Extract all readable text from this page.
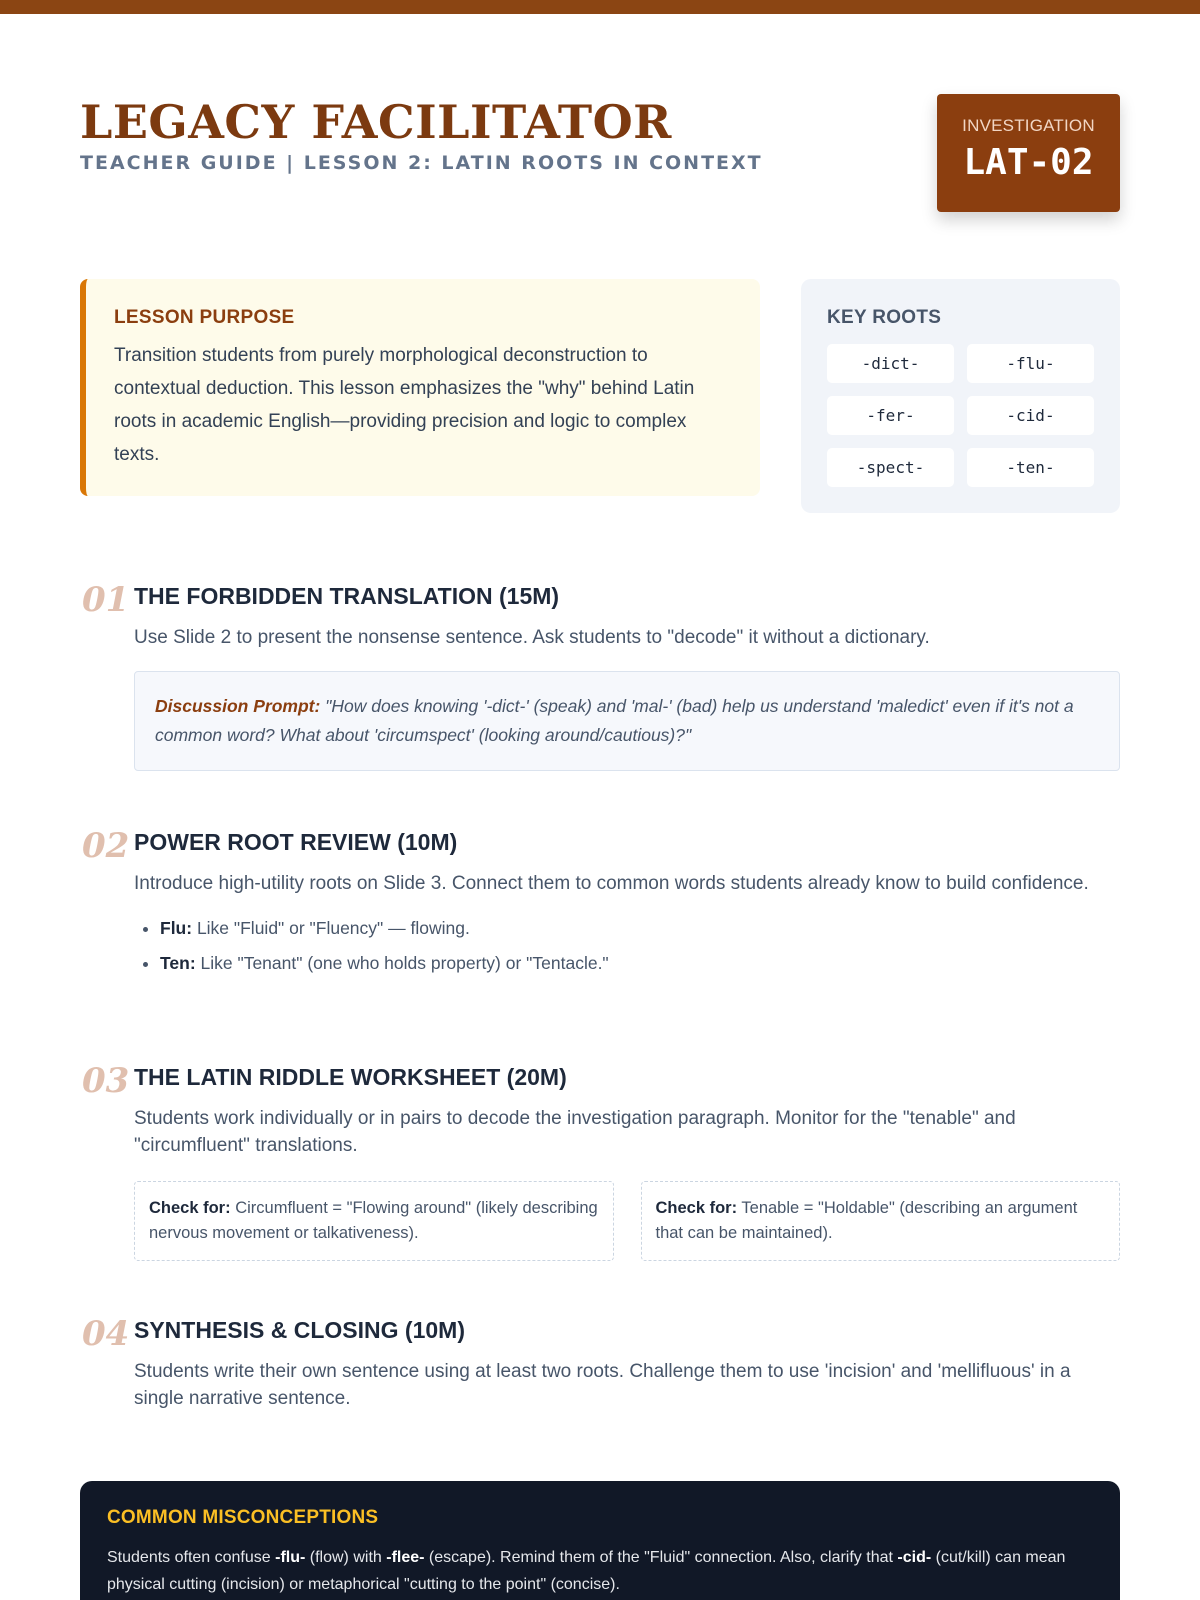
LEGACY FACILITATOR
TEACHER GUIDE | LESSON 2: LATIN ROOTS IN CONTEXT
INVESTIGATION
LAT-02
LESSON PURPOSE
Transition students from purely morphological deconstruction to contextual deduction. This lesson emphasizes the "why" behind Latin roots in academic English—providing precision and logic to complex texts.
KEY ROOTS
-dict-	-flu-
-fer-	-cid-
-spect-	-ten-
01 THE FORBIDDEN TRANSLATION (15M)
Use Slide 2 to present the nonsense sentence. Ask students to "decode" it without a dictionary.
Discussion Prompt: "How does knowing '-dict-' (speak) and 'mal-' (bad) help us understand 'maledict' even if it's not a common word? What about 'circumspect' (looking around/cautious)?"
02 POWER ROOT REVIEW (10M)
Introduce high-utility roots on Slide 3. Connect them to common words students already know to build confidence.
• Flu: Like "Fluid" or "Fluency" — flowing.
• Ten: Like "Tenant" (one who holds property) or "Tentacle."
03 THE LATIN RIDDLE WORKSHEET (20M)
Students work individually or in pairs to decode the investigation paragraph. Monitor for the "tenable" and "circumfluent" translations.
Check for: Circumfluent = "Flowing around" (likely describing nervous movement or talkativeness).
Check for: Tenable = "Holdable" (describing an argument that can be maintained).
04 SYNTHESIS & CLOSING (10M)
Students write their own sentence using at least two roots. Challenge them to use 'incision' and 'mellifluous' in a single narrative sentence.
COMMON MISCONCEPTIONS
Students often confuse -flu- (flow) with -flee- (escape). Remind them of the "Fluid" connection. Also, clarify that -cid- (cut/kill) can mean physical cutting (incision) or metaphorical "cutting to the point" (concise).
